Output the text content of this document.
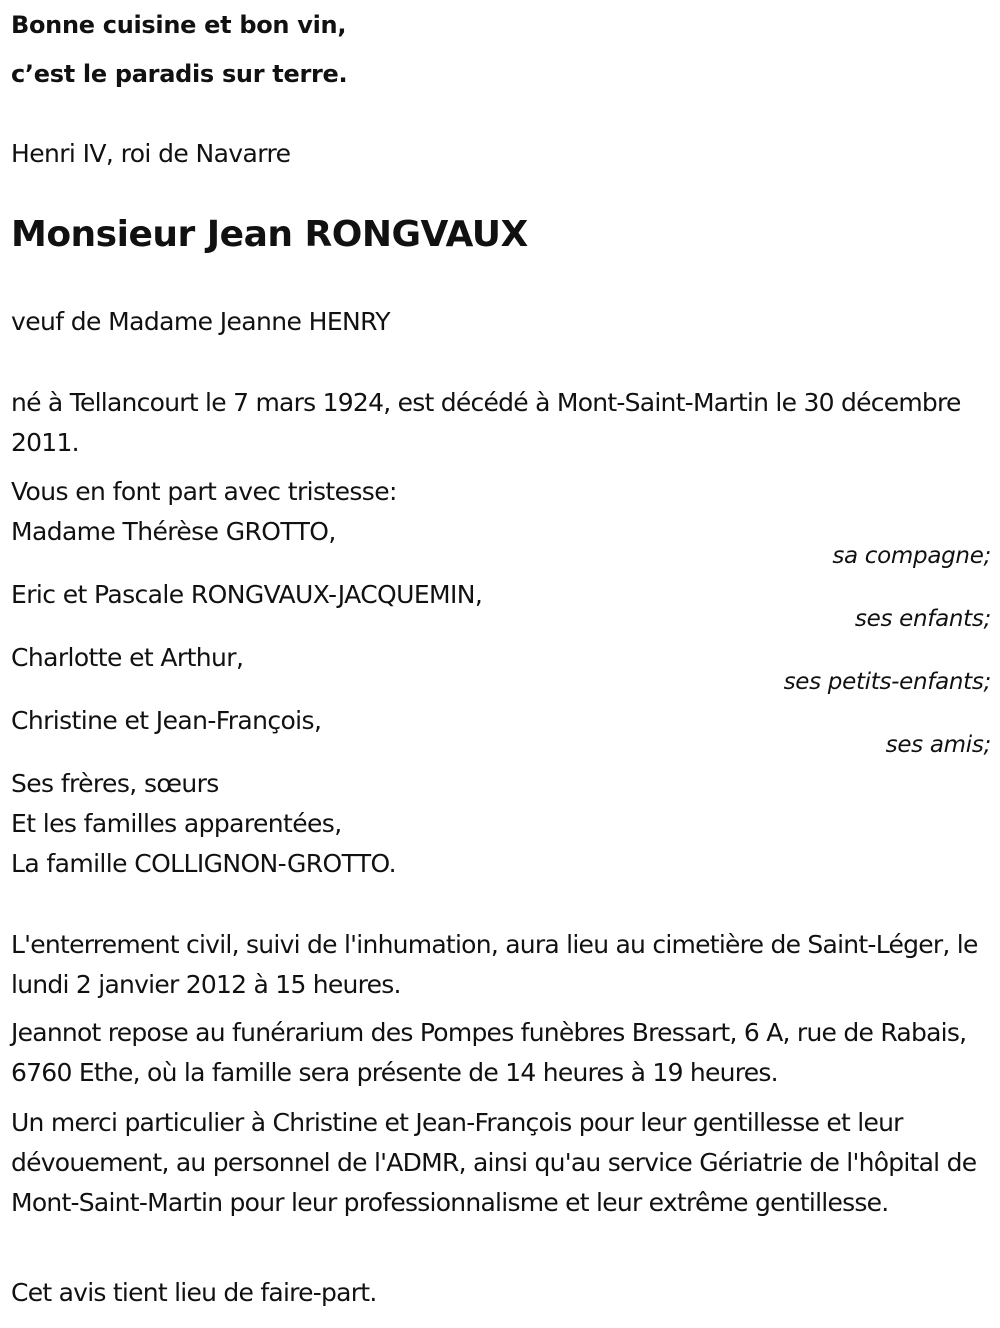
Bonne cuisine et bon vin,
c’est le paradis sur terre.
Henri IV, roi de Navarre
Monsieur Jean RONGVAUX
veuf de Madame Jeanne HENRY
né à Tellancourt le 7 mars 1924, est décédé à Mont-Saint-Martin le 30 décembre 2011.
Vous en font part avec tristesse:
Madame Thérèse GROTTO,
sa compagne;
Eric et Pascale RONGVAUX-JACQUEMIN,
ses enfants;
Charlotte et Arthur,
ses petits-enfants;
Christine et Jean-François,
ses amis;
Ses frères, sœurs
Et les familles apparentées,
La famille COLLIGNON-GROTTO.
L'enterrement civil, suivi de l'inhumation, aura lieu au cimetière de Saint-Léger, le lundi 2 janvier 2012 à 15 heures.
Jeannot repose au funérarium des Pompes funèbres Bressart, 6 A, rue de Rabais, 6760 Ethe, où la famille sera présente de 14 heures à 19 heures.
Un merci particulier à Christine et Jean-François pour leur gentillesse et leur dévouement, au personnel de l'ADMR, ainsi qu'au service Gériatrie de l'hôpital de Mont-Saint-Martin pour leur professionnalisme et leur extrême gentillesse.
Cet avis tient lieu de faire-part.
